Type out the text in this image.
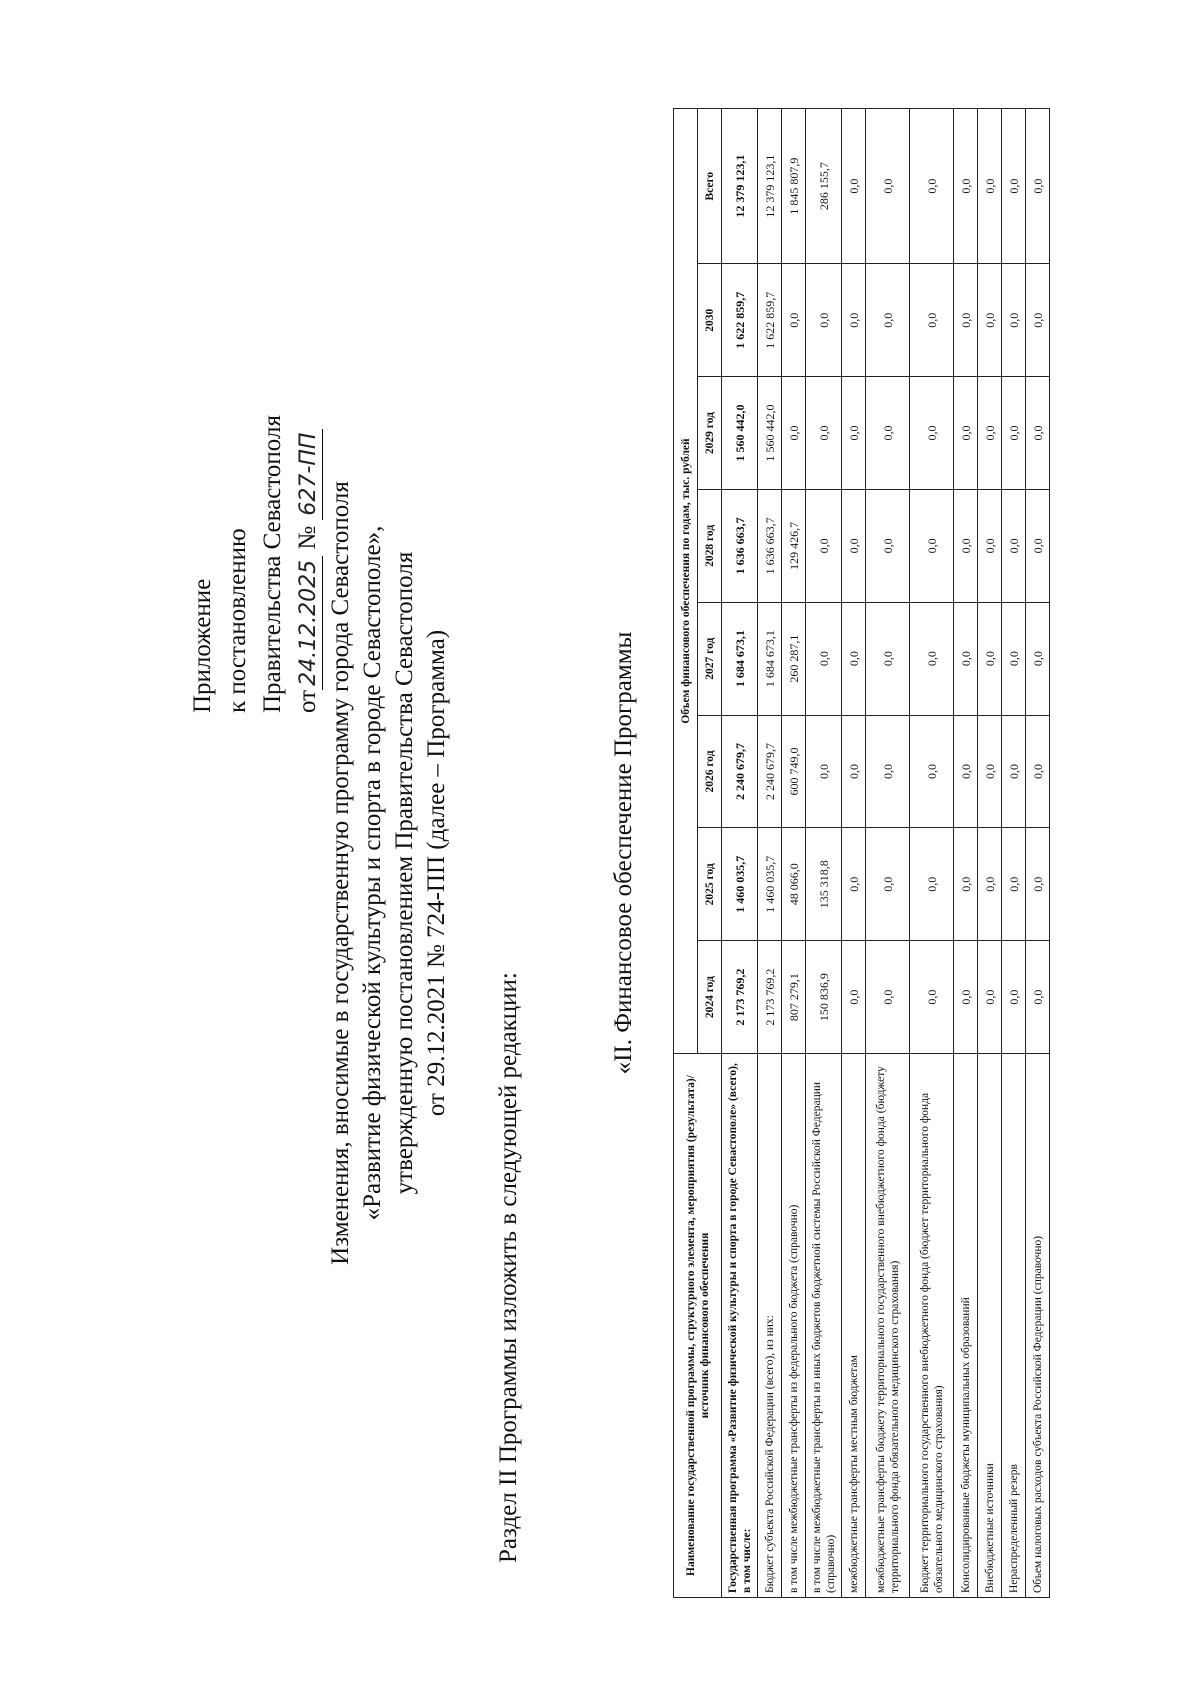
Приложение к постановлению Правительства Севастополя от24.12.2025 № 627-ПП
Изменения, вносимые в государственную программу города Севастополя «Развитие физической культуры и спорта в городе Севастополе», утвержденную постановлением Правительства Севастополя от 29.12.2021 № 724-ПП (далее – Программа)
Раздел II Программы изложить в следующей редакции:
«II. Финансовое обеспечение Программы
Наименование государственной программы, структурного элемента, мероприятия (результата)/источник финансового обеспечения	Объем финансового обеспечения по годам, тыс. рублей							
	2024 год	2025 год	2026 год	2027 год	2028 год	2029 год	2030	Всего
Государственная программа «Развитие физической культуры и спорта в городе Севастополе» (всего), в том числе:	2 173 769,2	1 460 035,7	2 240 679,7	1 684 673,1	1 636 663,7	1 560 442,0	1 622 859,7	12 379 123,1
Бюджет субъекта Российской Федерации (всего), из них:	2 173 769,2	1 460 035,7	2 240 679,7	1 684 673,1	1 636 663,7	1 560 442,0	1 622 859,7	12 379 123,1
в том числе межбюджетные трансферты из федерального бюджета (справочно)	807 279,1	48 066,0	600 749,0	260 287,1	129 426,7	0,0	0,0	1 845 807,9
в том числе межбюджетные трансферты из иных бюджетов бюджетной системы Российской Федерации (справочно)	150 836,9	135 318,8	0,0	0,0	0,0	0,0	0,0	286 155,7
межбюджетные трансферты местным бюджетам	0,0	0,0	0,0	0,0	0,0	0,0	0,0	0,0
межбюджетные трансферты бюджету территориального государственного внебюджетного фонда (бюджету территориального фонда обязательного медицинского страхования)	0,0	0,0	0,0	0,0	0,0	0,0	0,0	0,0
Бюджет территориального государственного внебюджетного фонда (бюджет территориального фонда обязательного медицинского страхования)	0,0	0,0	0,0	0,0	0,0	0,0	0,0	0,0
Консолидированные бюджеты муниципальных образований	0,0	0,0	0,0	0,0	0,0	0,0	0,0	0,0
Внебюджетные источники	0,0	0,0	0,0	0,0	0,0	0,0	0,0	0,0
Нераспределенный резерв	0,0	0,0	0,0	0,0	0,0	0,0	0,0	0,0
Объем налоговых расходов субъекта Российской Федерации (справочно)	0,0	0,0	0,0	0,0	0,0	0,0	0,0	0,0
